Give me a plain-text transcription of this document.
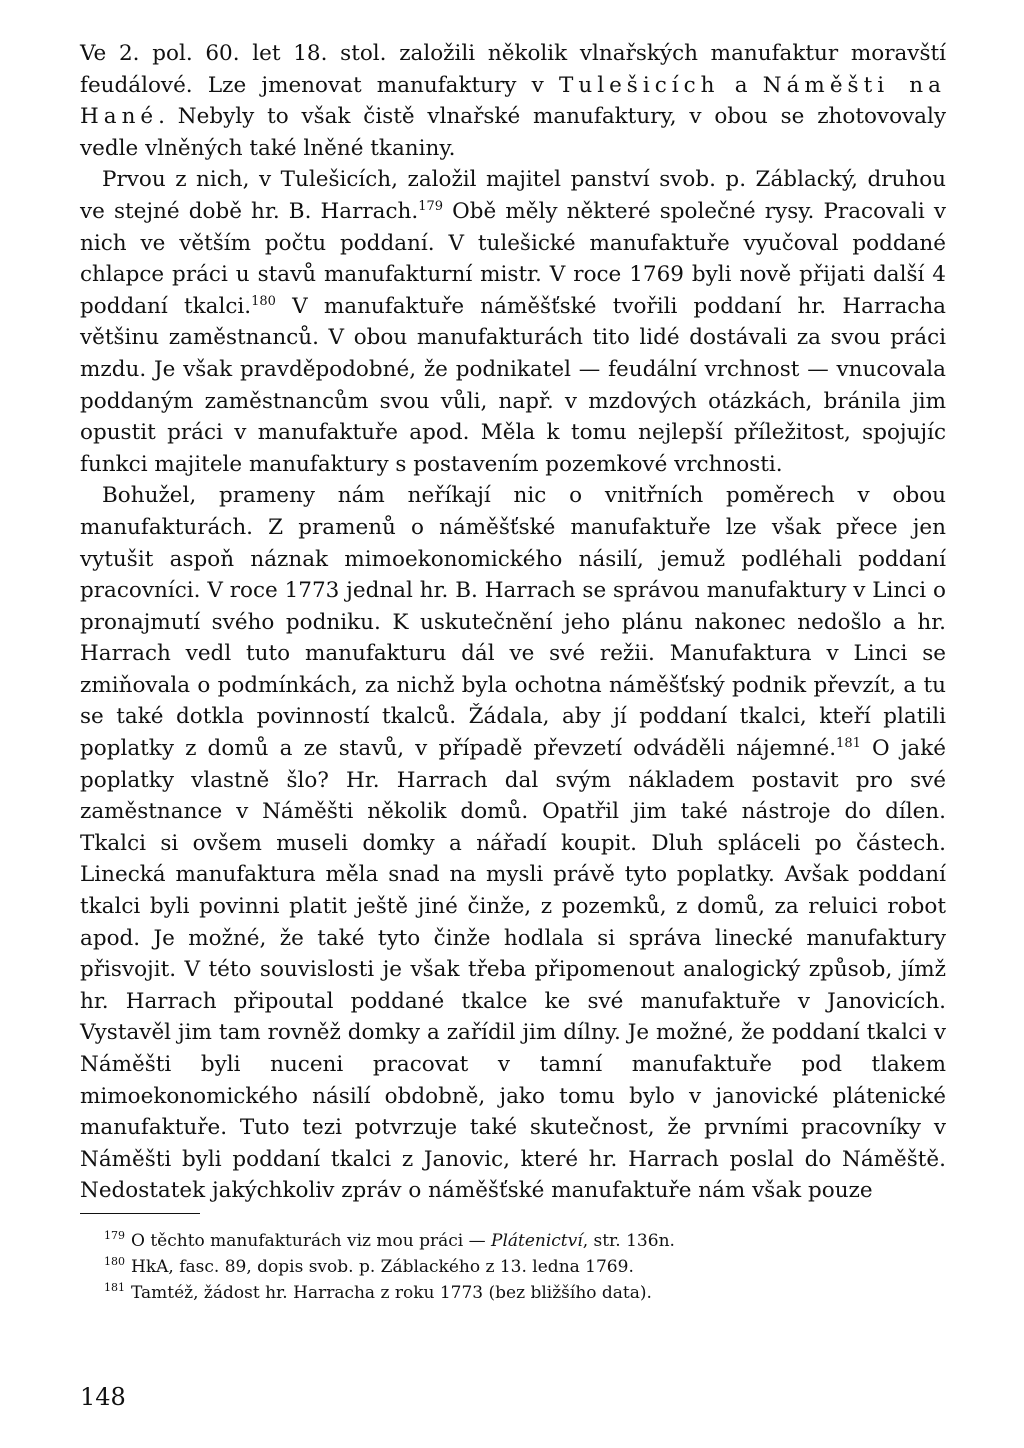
Ve 2. pol. 60. let 18. stol. založili několik vlnařských manufaktur moravští feudálové. Lze jmenovat manufaktury v Tulešicích a Náměšti na Hané. Nebyly to však čistě vlnařské manufaktury, v obou se zhotovovaly vedle vlněných také lněné tkaniny.

Prvou z nich, v Tulešicích, založil majitel panství svob. p. Záblacký, druhou ve stejné době hr. B. Harrach.$^{179}$ Obě měly některé společné rysy. Pracovali v nich ve větším počtu poddaní. V tulešické manufaktuře vyučoval poddané chlapce práci u stavů manufakturní mistr. V roce 1769 byli nově přijati další 4 poddaní tkalci.$^{180}$ V manufaktuře náměšťské tvořili poddaní hr. Harracha většinu zaměstnanců. V obou manufakturách tito lidé dostávali za svou práci mzdu. Je však pravděpodobné, že podnikatel — feudální vrchnost — vnucovala poddaným zaměstnancům svou vůli, např. v mzdových otázkách, bránila jim opustit práci v manufaktuře apod. Měla k tomu nejlepší příležitost, spojujíc funkci majitele manufaktury s postavením pozemkové vrchnosti.

Bohužel, prameny nám neříkají nic o vnitřních poměrech v obou manufakturách. Z pramenů o náměšťské manufaktuře lze však přece jen vytušit aspoň náznak mimoekonomického násilí, jemuž podléhali poddaní pracovníci. V roce 1773 jednal hr. B. Harrach se správou manufaktury v Linci o pronajmutí svého podniku. K uskutečnění jeho plánu nakonec nedošlo a hr. Harrach vedl tuto manufakturu dál ve své režii. Manufaktura v Linci se zmiňovala o podmínkách, za nichž byla ochotna náměšťský podnik převzít, a tu se také dotkla povinností tkalců. Žádala, aby jí poddaní tkalci, kteří platili poplatky z domů a ze stavů, v případě převzetí odváděli nájemné.$^{181}$ O jaké poplatky vlastně šlo? Hr. Harrach dal svým nákladem postavit pro své zaměstnance v Náměšti několik domů. Opatřil jim také nástroje do dílen. Tkalci si ovšem museli domky a nářadí koupit. Dluh spláceli po částech. Linecká manufaktura měla snad na mysli právě tyto poplatky. Avšak poddaní tkalci byli povinni platit ještě jiné činže, z pozemků, z domů, za reluici robot apod. Je možné, že také tyto činže hodlala si správa linecké manufaktury přisvojit. V této souvislosti je však třeba připomenout analogický způsob, jímž hr. Harrach připoutal poddané tkalce ke své manufaktuře v Janovicích. Vystavěl jim tam rovněž domky a zařídil jim dílny. Je možné, že poddaní tkalci v Náměšti byli nuceni pracovat v tamní manufaktuře pod tlakem mimoekonomického násilí obdobně, jako tomu bylo v janovické plátenické manufaktuře. Tuto tezi potvrzuje také skutečnost, že prvními pracovníky v Náměšti byli poddaní tkalci z Janovic, které hr. Harrach poslal do Náměště. Nedostatek jakýchkoliv zpráv o náměšťské manufaktuře nám však pouze

$^{179}$ O těchto manufakturách viz mou práci — Plátenictví, str. 136n.

$^{180}$ HkA, fasc. 89, dopis svob. p. Záblackého z 13. ledna 1769.

$^{181}$ Tamtéž, žádost hr. Harracha z roku 1773 (bez bližšího data).

148
